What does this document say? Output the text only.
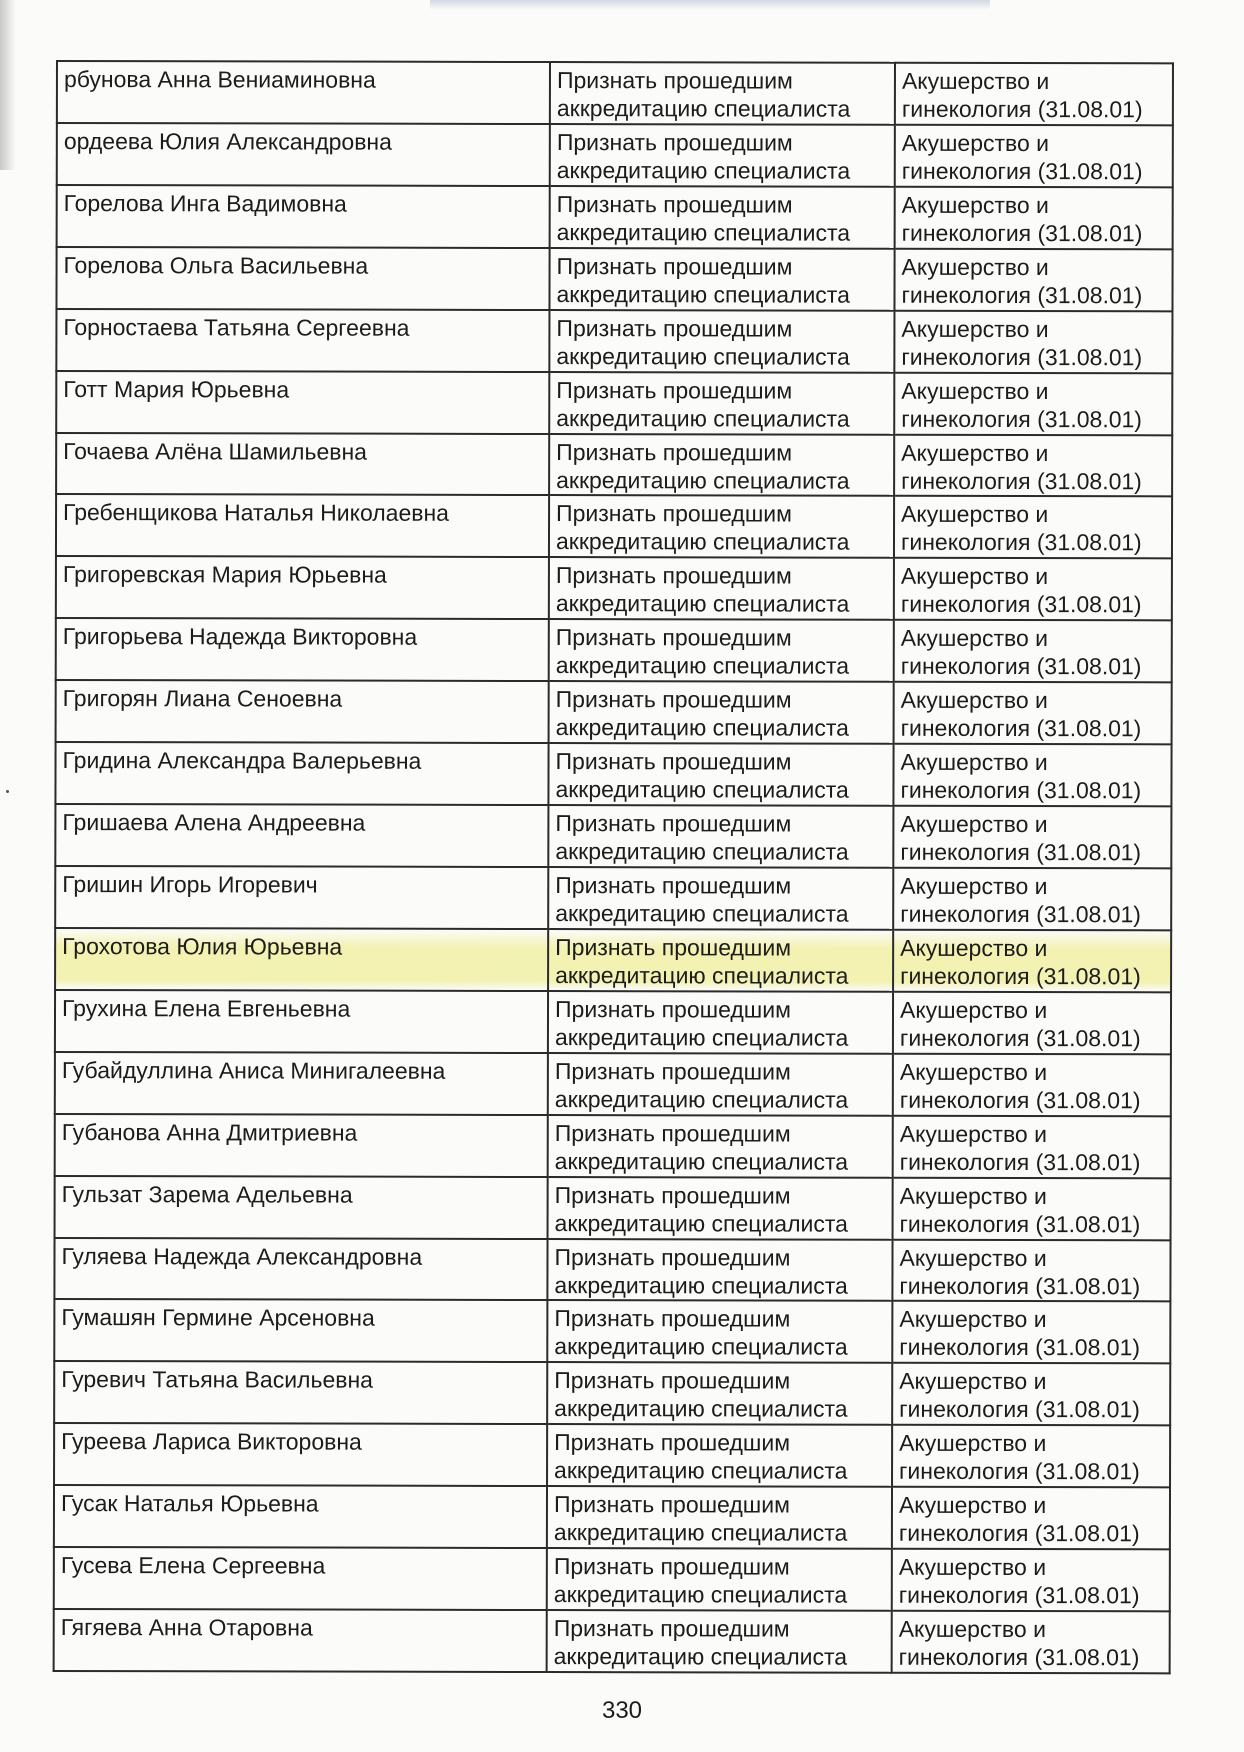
рбунова Анна Вениаминовна	Признать прошедшим аккредитацию специалиста	Акушерство и гинекология (31.08.01)
ордеева Юлия Александровна	Признать прошедшим аккредитацию специалиста	Акушерство и гинекология (31.08.01)
Горелова Инга Вадимовна	Признать прошедшим аккредитацию специалиста	Акушерство и гинекология (31.08.01)
Горелова Ольга Васильевна	Признать прошедшим аккредитацию специалиста	Акушерство и гинекология (31.08.01)
Горностаева Татьяна Сергеевна	Признать прошедшим аккредитацию специалиста	Акушерство и гинекология (31.08.01)
Готт Мария Юрьевна	Признать прошедшим аккредитацию специалиста	Акушерство и гинекология (31.08.01)
Гочаева Алёна Шамильевна	Признать прошедшим аккредитацию специалиста	Акушерство и гинекология (31.08.01)
Гребенщикова Наталья Николаевна	Признать прошедшим аккредитацию специалиста	Акушерство и гинекология (31.08.01)
Григоревская Мария Юрьевна	Признать прошедшим аккредитацию специалиста	Акушерство и гинекология (31.08.01)
Григорьева Надежда Викторовна	Признать прошедшим аккредитацию специалиста	Акушерство и гинекология (31.08.01)
Григорян Лиана Сеноевна	Признать прошедшим аккредитацию специалиста	Акушерство и гинекология (31.08.01)
Гридина Александра Валерьевна	Признать прошедшим аккредитацию специалиста	Акушерство и гинекология (31.08.01)
Гришаева Алена Андреевна	Признать прошедшим аккредитацию специалиста	Акушерство и гинекология (31.08.01)
Гришин Игорь Игоревич	Признать прошедшим аккредитацию специалиста	Акушерство и гинекология (31.08.01)
Грохотова Юлия Юрьевна	Признать прошедшим аккредитацию специалиста	Акушерство и гинекология (31.08.01)
Грухина Елена Евгеньевна	Признать прошедшим аккредитацию специалиста	Акушерство и гинекология (31.08.01)
Губайдуллина Аниса Минигалеевна	Признать прошедшим аккредитацию специалиста	Акушерство и гинекология (31.08.01)
Губанова Анна Дмитриевна	Признать прошедшим аккредитацию специалиста	Акушерство и гинекология (31.08.01)
Гульзат Зарема Адельевна	Признать прошедшим аккредитацию специалиста	Акушерство и гинекология (31.08.01)
Гуляева Надежда Александровна	Признать прошедшим аккредитацию специалиста	Акушерство и гинекология (31.08.01)
Гумашян Гермине Арсеновна	Признать прошедшим аккредитацию специалиста	Акушерство и гинекология (31.08.01)
Гуревич Татьяна Васильевна	Признать прошедшим аккредитацию специалиста	Акушерство и гинекология (31.08.01)
Гуреева Лариса Викторовна	Признать прошедшим аккредитацию специалиста	Акушерство и гинекология (31.08.01)
Гусак Наталья Юрьевна	Признать прошедшим аккредитацию специалиста	Акушерство и гинекология (31.08.01)
Гусева Елена Сергеевна	Признать прошедшим аккредитацию специалиста	Акушерство и гинекология (31.08.01)
Гягяева Анна Отаровна	Признать прошедшим аккредитацию специалиста	Акушерство и гинекология (31.08.01)
330
